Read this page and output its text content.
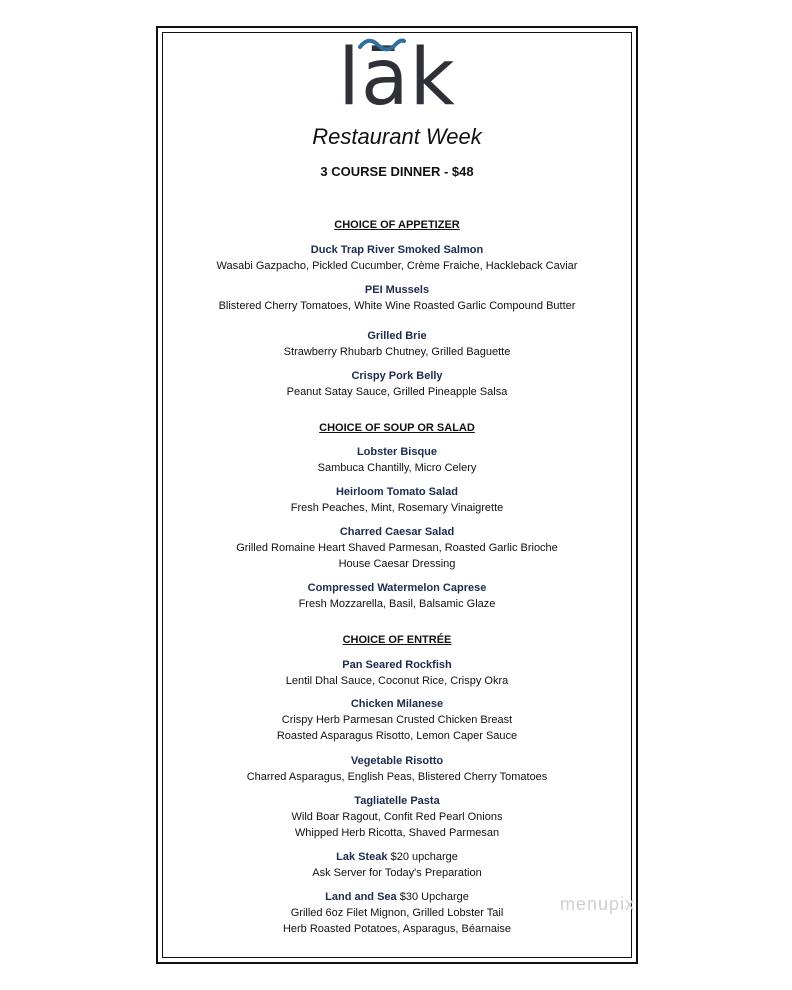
lāk
Restaurant Week
3 COURSE DINNER - $48
CHOICE OF APPETIZER
Duck Trap River Smoked Salmon
Wasabi Gazpacho, Pickled Cucumber, Crème Fraiche, Hackleback Caviar
PEI Mussels
Blistered Cherry Tomatoes, White Wine Roasted Garlic Compound Butter
Grilled Brie
Strawberry Rhubarb Chutney, Grilled Baguette
Crispy Pork Belly
Peanut Satay Sauce, Grilled Pineapple Salsa
CHOICE OF SOUP OR SALAD
Lobster Bisque
Sambuca Chantilly, Micro Celery
Heirloom Tomato Salad
Fresh Peaches, Mint, Rosemary Vinaigrette
Charred Caesar Salad
Grilled Romaine Heart Shaved Parmesan, Roasted Garlic Brioche
House Caesar Dressing
Compressed Watermelon Caprese
Fresh Mozzarella, Basil, Balsamic Glaze
CHOICE OF ENTRÉE
Pan Seared Rockfish
Lentil Dhal Sauce, Coconut Rice, Crispy Okra
Chicken Milanese
Crispy Herb Parmesan Crusted Chicken Breast
Roasted Asparagus Risotto, Lemon Caper Sauce
Vegetable Risotto
Charred Asparagus, English Peas, Blistered Cherry Tomatoes
Tagliatelle Pasta
Wild Boar Ragout, Confit Red Pearl Onions
Whipped Herb Ricotta, Shaved Parmesan
Lak Steak $20 upcharge
Ask Server for Today's Preparation
Land and Sea $30 Upcharge
Grilled 6oz Filet Mignon, Grilled Lobster Tail
Herb Roasted Potatoes, Asparagus, Béarnaise
menupix
